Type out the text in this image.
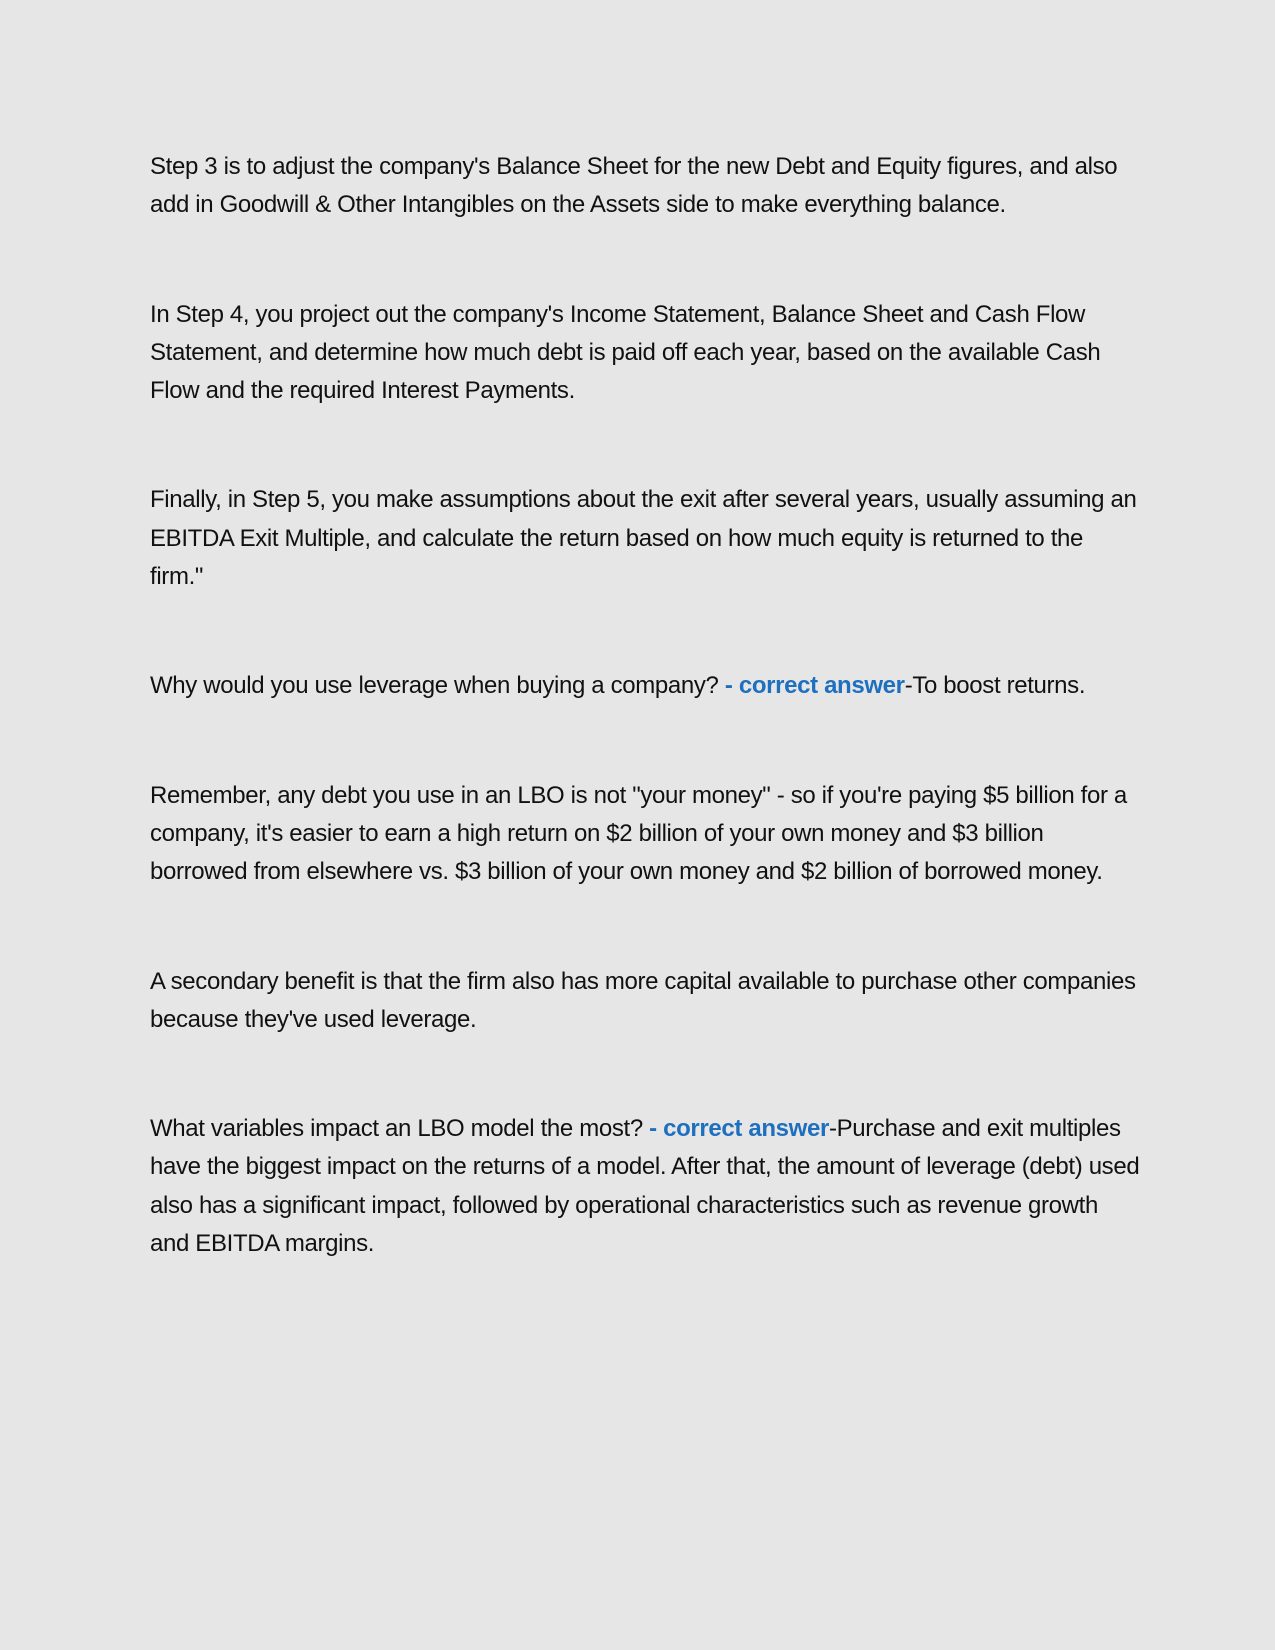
Step 3 is to adjust the company's Balance Sheet for the new Debt and Equity figures, and also add in Goodwill & Other Intangibles on the Assets side to make everything balance.

In Step 4, you project out the company's Income Statement, Balance Sheet and Cash Flow Statement, and determine how much debt is paid off each year, based on the available Cash Flow and the required Interest Payments.

Finally, in Step 5, you make assumptions about the exit after several years, usually assuming an EBITDA Exit Multiple, and calculate the return based on how much equity is returned to the firm."

Why would you use leverage when buying a company? - correct answer-To boost returns.

Remember, any debt you use in an LBO is not "your money" - so if you're paying $5 billion for a company, it's easier to earn a high return on $2 billion of your own money and $3 billion borrowed from elsewhere vs. $3 billion of your own money and $2 billion of borrowed money.

A secondary benefit is that the firm also has more capital available to purchase other companies because they've used leverage.

What variables impact an LBO model the most? - correct answer-Purchase and exit multiples have the biggest impact on the returns of a model. After that, the amount of leverage (debt) used also has a significant impact, followed by operational characteristics such as revenue growth and EBITDA margins.
